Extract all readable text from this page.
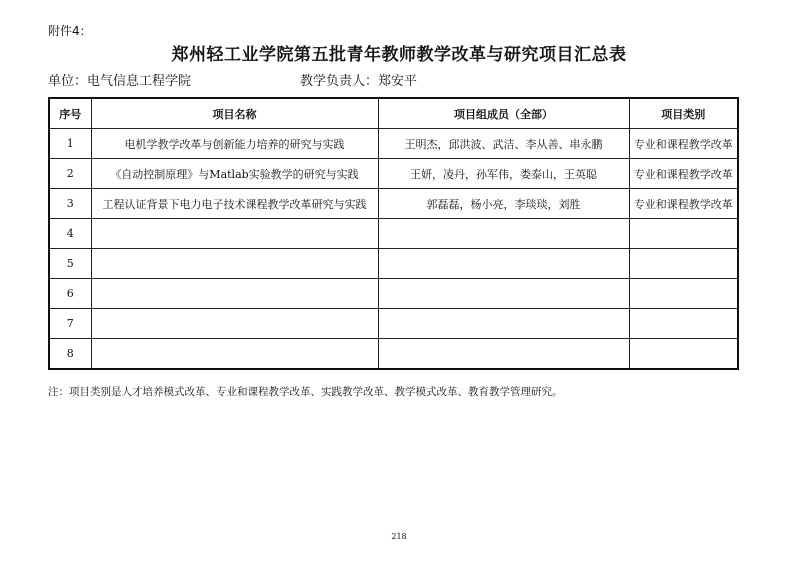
附件4：
郑州轻工业学院第五批青年教师教学改革与研究项目汇总表
单位：电气信息工程学院	教学负责人：郑安平
序号	项目名称	项目组成员（全部）	项目类别
1	电机学教学改革与创新能力培养的研究与实践	王明杰，邱洪波、武洁、李从善、串永鹏	专业和课程教学改革
2	《自动控制原理》与Matlab实验教学的研究与实践	王妍，凌丹，孙军伟，娄泰山，王英聪	专业和课程教学改革
3	工程认证背景下电力电子技术课程教学改革研究与实践	郭磊磊，杨小亮，李琰琰，刘胜	专业和课程教学改革
4			
5			
6			
7			
8			
注：项目类别是人才培养模式改革、专业和课程教学改革、实践教学改革、教学模式改革、教育教学管理研究。
218
